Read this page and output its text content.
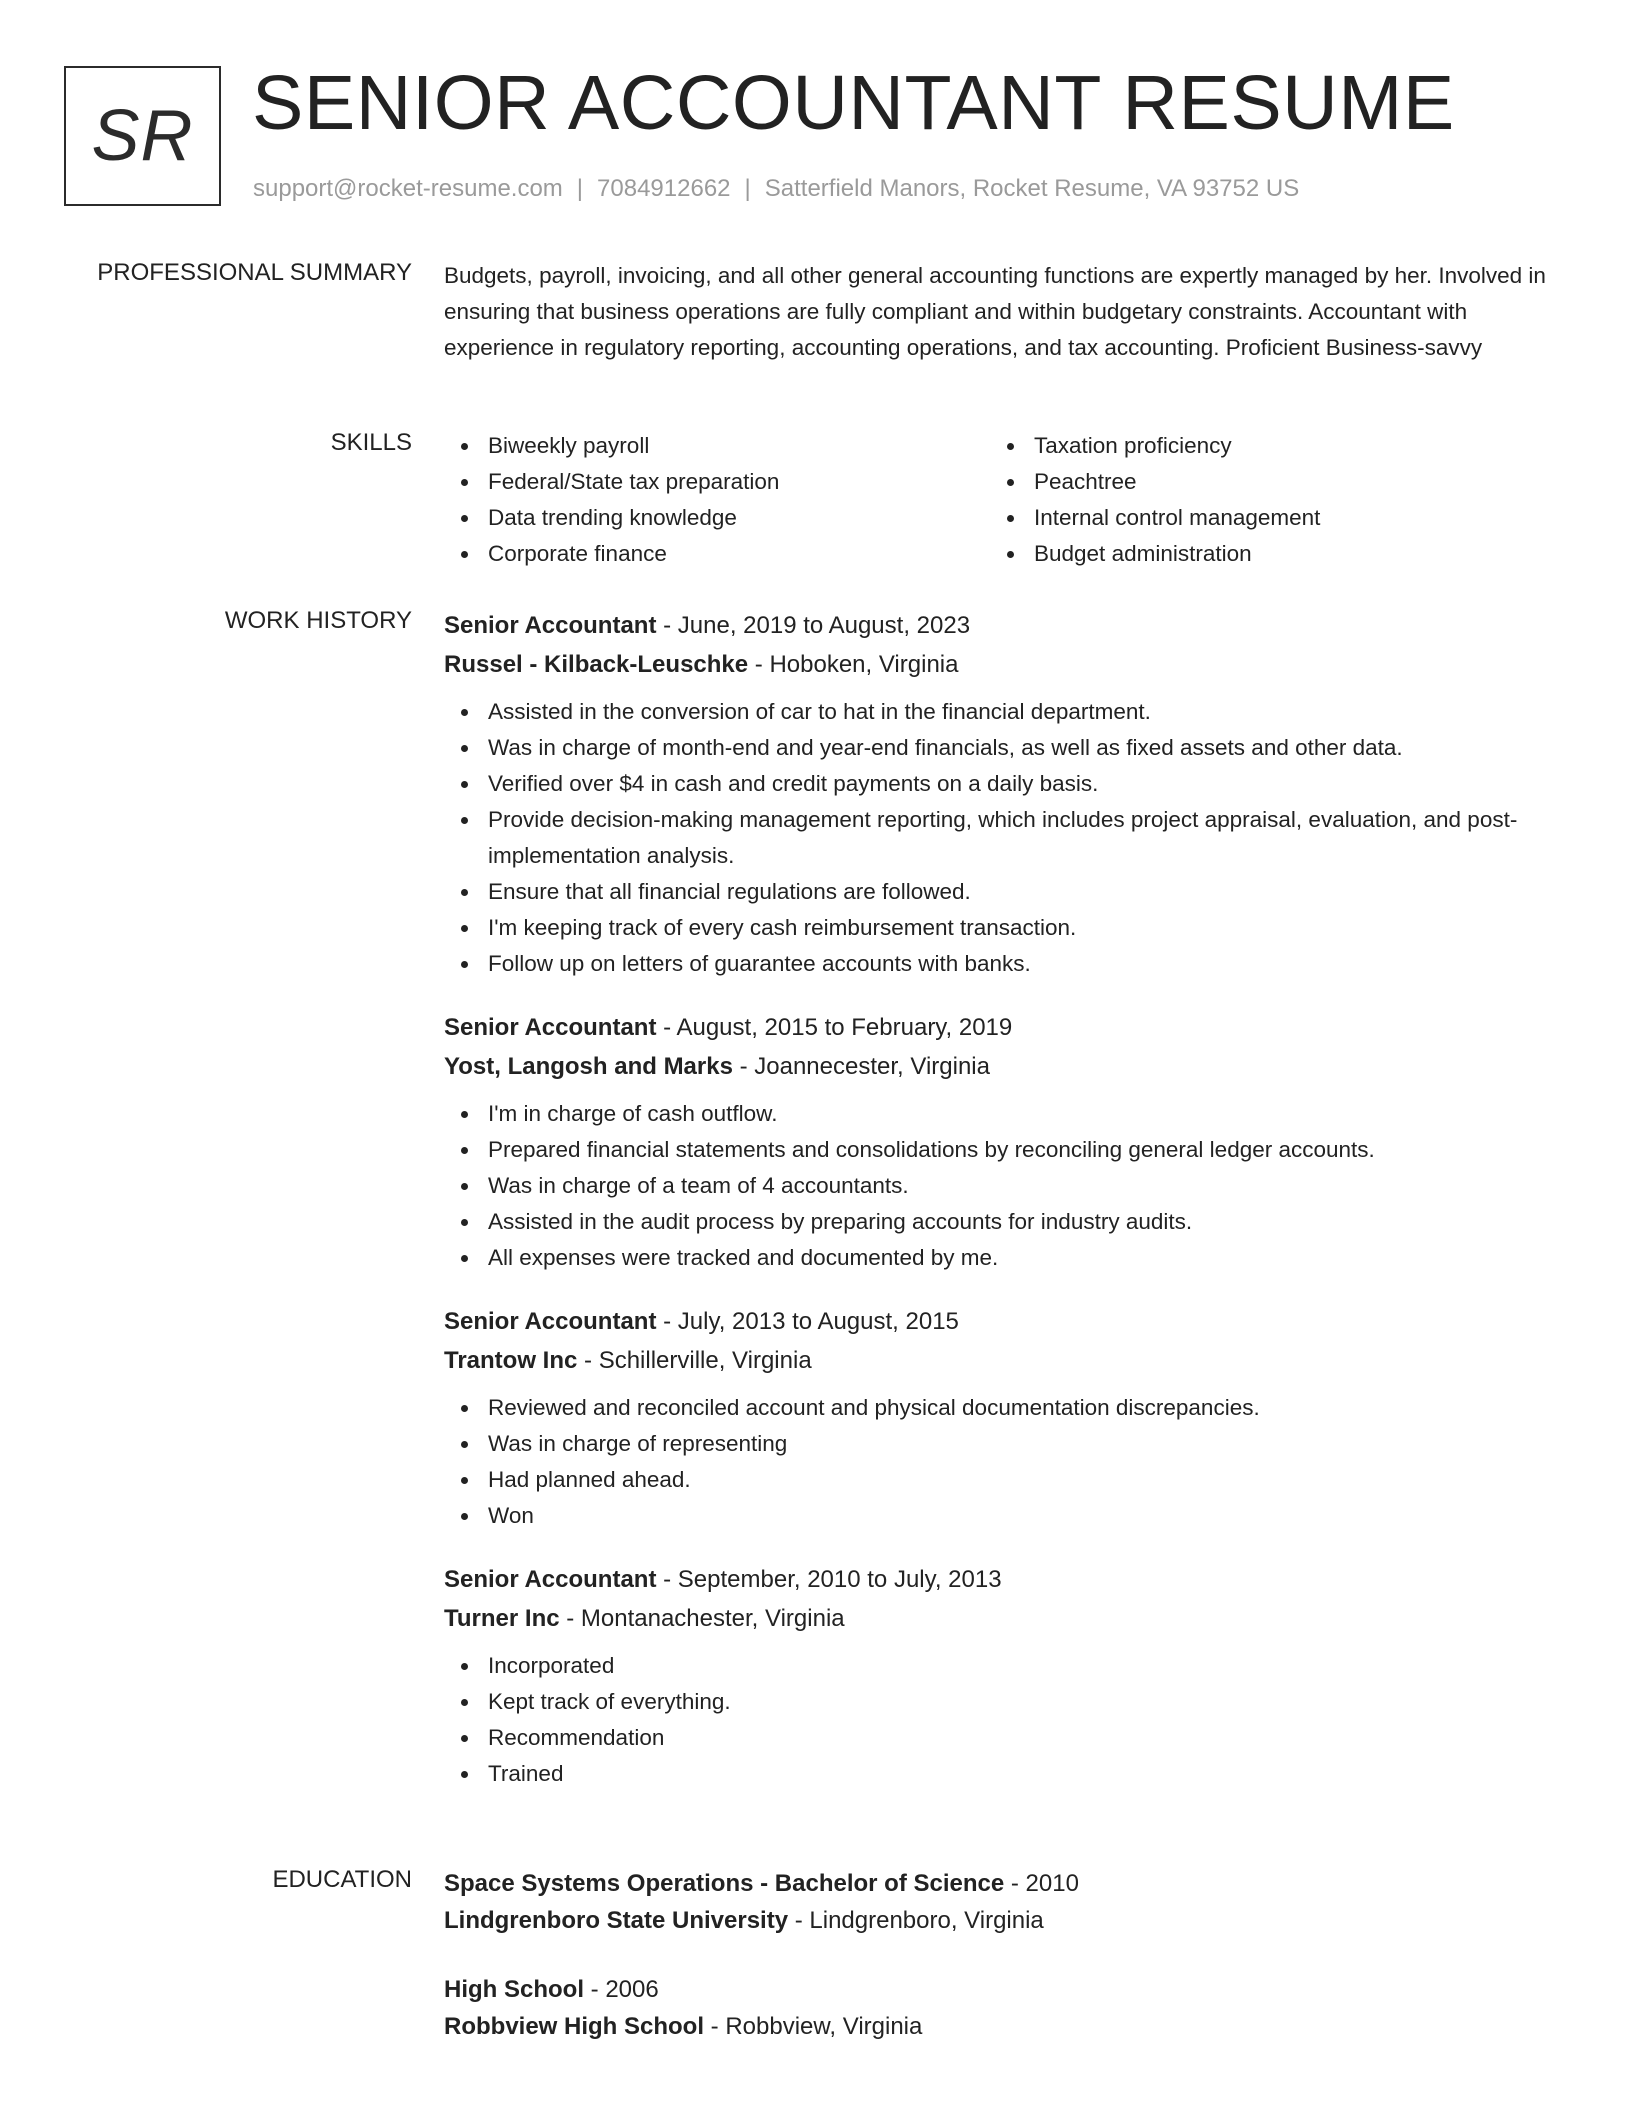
SR SENIOR ACCOUNTANT RESUME
support@rocket-resume.com | 7084912662 | Satterfield Manors, Rocket Resume, VA 93752 US
PROFESSIONAL SUMMARY Budgets, payroll, invoicing, and all other general accounting functions are expertly managed by her. Involved in ensuring that business operations are fully compliant and within budgetary constraints. Accountant with experience in regulatory reporting, accounting operations, and tax accounting. Proficient Business-savvy

SKILLS	Biweekly payroll
Federal/State tax preparation
Data trending knowledge
Corporate finance
Taxation proficiency
Peachtree
Internal control management
Budget administration
WORK HISTORY Senior Accountant - June, 2019 to August, 2023

Russel - Kilback-Leuschke - Hoboken, Virginia

Assisted in the conversion of car to hat in the financial department.
Was in charge of month-end and year-end financials, as well as fixed assets and other data.
Verified over $4 in cash and credit payments on a daily basis.
Provide decision-making management reporting, which includes project appraisal, evaluation, and post-implementation analysis.
Ensure that all financial regulations are followed.
I'm keeping track of every cash reimbursement transaction.
Follow up on letters of guarantee accounts with banks.

Senior Accountant - August, 2015 to February, 2019

Yost, Langosh and Marks - Joannecester, Virginia

I'm in charge of cash outflow.
Prepared financial statements and consolidations by reconciling general ledger accounts.
Was in charge of a team of 4 accountants.
Assisted in the audit process by preparing accounts for industry audits.
All expenses were tracked and documented by me.

Senior Accountant - July, 2013 to August, 2015

Trantow Inc - Schillerville, Virginia

Reviewed and reconciled account and physical documentation discrepancies.
Was in charge of representing
Had planned ahead.
Won

Senior Accountant - September, 2010 to July, 2013

Turner Inc - Montanachester, Virginia

Incorporated
Kept track of everything.
Recommendation
Trained
EDUCATION Space Systems Operations - Bachelor of Science - 2010

Lindgrenboro State University - Lindgrenboro, Virginia

High School - 2006

Robbview High School - Robbview, Virginia
